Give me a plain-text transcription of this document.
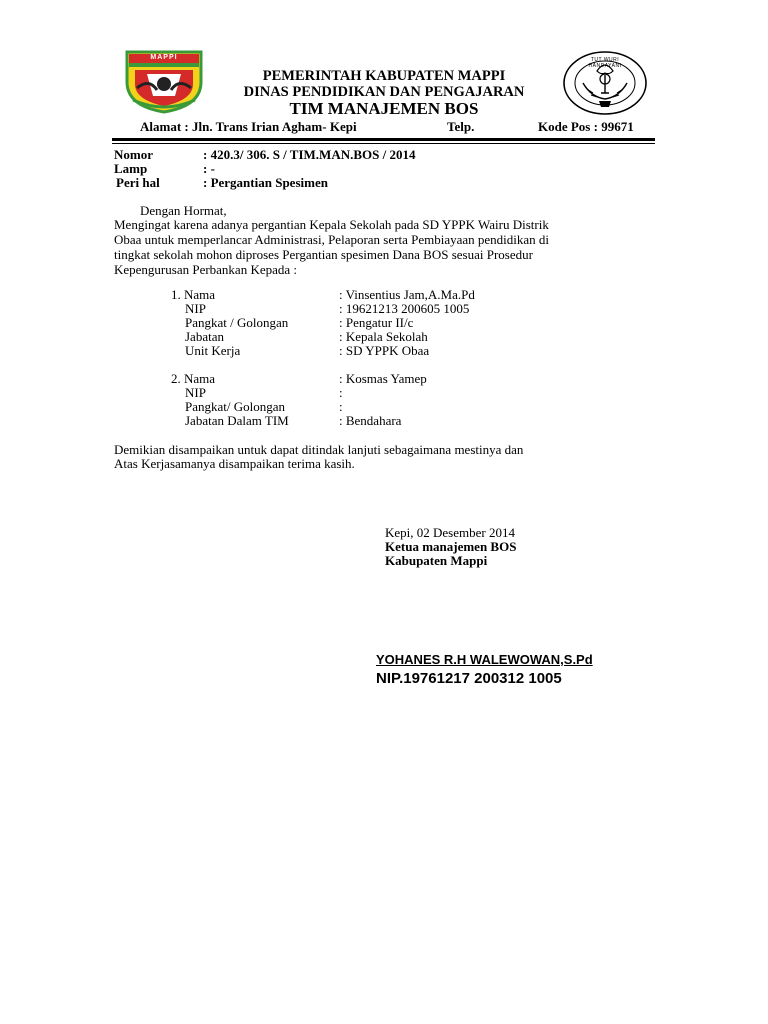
MAPPI	TUT WURI HANDAYANI
PEMERINTAH KABUPATEN MAPPI
DINAS PENDIDIKAN DAN PENGAJARAN
TIM MANAJEMEN BOS
Alamat : Jln. Trans Irian Agham- Kepi	Telp.	Kode Pos : 99671
Nomor	: 420.3/ 306. S / TIM.MAN.BOS / 2014
Lamp	: -
Peri hal	: Pergantian Spesimen
Dengan Hormat,
Mengingat karena adanya pergantian Kepala Sekolah pada SD YPPK Wairu Distrik
Obaa untuk memperlancar Administrasi, Pelaporan serta Pembiayaan pendidikan di
tingkat sekolah mohon diproses Pergantian spesimen Dana BOS sesuai Prosedur
Kepengurusan Perbankan Kepada :
1. Nama	: Vinsentius Jam,A.Ma.Pd
NIP	: 19621213 200605 1005
Pangkat / Golongan	: Pengatur II/c
Jabatan	: Kepala Sekolah
Unit Kerja	: SD YPPK Obaa
2. Nama	: Kosmas Yamep
NIP	:
Pangkat/ Golongan	:
Jabatan Dalam TIM	: Bendahara
Demikian disampaikan untuk dapat ditindak lanjuti sebagaimana mestinya dan
Atas Kerjasamanya disampaikan terima kasih.
Kepi, 02 Desember 2014
Ketua manajemen BOS
Kabupaten Mappi
YOHANES R.H WALEWOWAN,S.Pd
NIP.19761217 200312 1005
